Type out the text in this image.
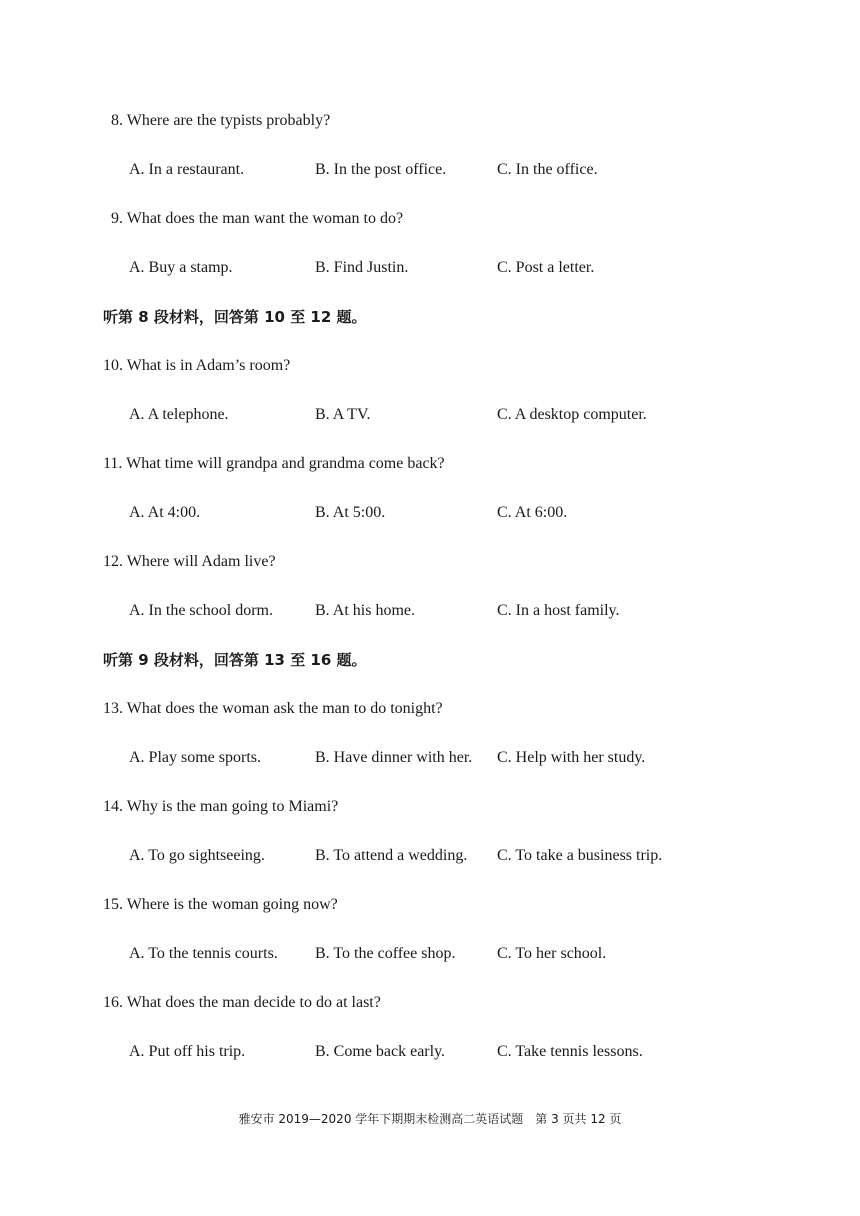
8. Where are the typists probably?
A. In a restaurant.	B. In the post office.	C. In the office.
9. What does the man want the woman to do?
A. Buy a stamp.	B. Find Justin.	C. Post a letter.
听第 8 段材料，回答第 10 至 12 题。
10. What is in Adam’s room?
A. A telephone.	B. A TV.	C. A desktop computer.
11. What time will grandpa and grandma come back?
A. At 4:00.	B. At 5:00.	C. At 6:00.
12. Where will Adam live?
A. In the school dorm.	B. At his home.	C. In a host family.
听第 9 段材料，回答第 13 至 16 题。
13. What does the woman ask the man to do tonight?
A. Play some sports.	B. Have dinner with her. C. Help with her study.
14. Why is the man going to Miami?
A. To go sightseeing.	B. To attend a wedding. C. To take a business trip.
15. Where is the woman going now?
A. To the tennis courts. B. To the coffee shop.	C. To her school.
16. What does the man decide to do at last?
A. Put off his trip.	B. Come back early.	C. Take tennis lessons.
雅安市 2019—2020 学年下期期末检测高二英语试题　第 3 页共 12 页
